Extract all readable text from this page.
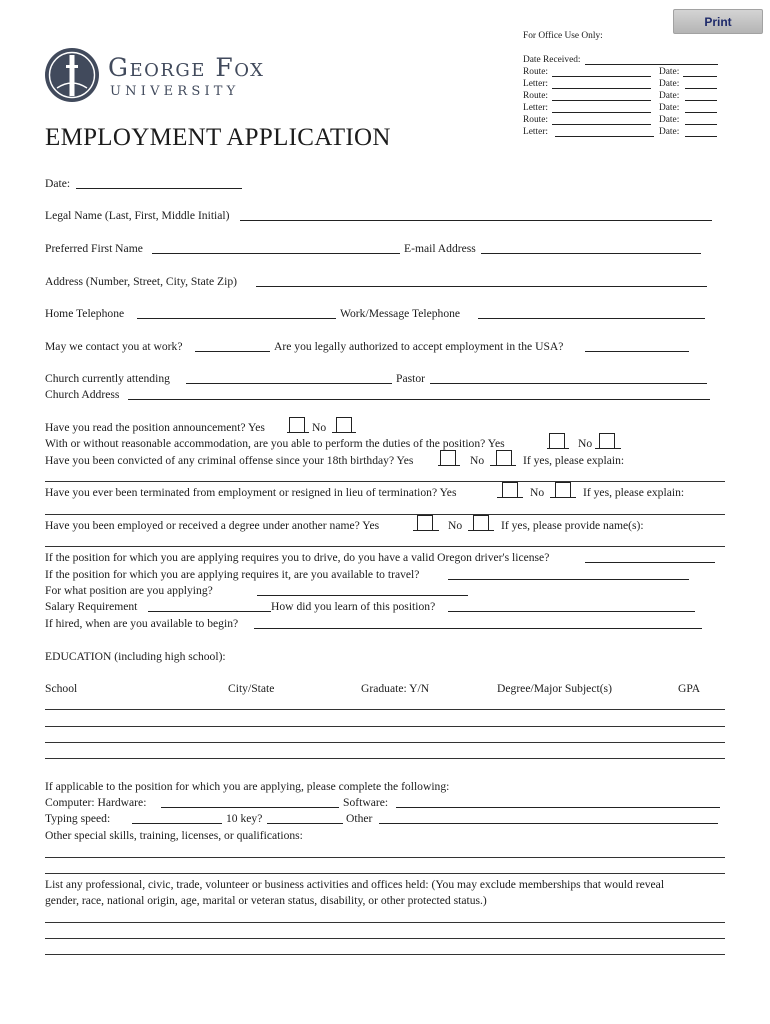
Print
For Office Use Only:
Date Received:
Route:	Date:
Letter:	Date:
Route:	Date:
Letter:	Date:
Route:	Date:
Letter:	Date:
George Fox
UNIVERSITY
EMPLOYMENT APPLICATION
Date:
Legal Name (Last, First, Middle Initial)
Preferred First Name	E-mail Address
Address (Number, Street, City, State Zip)
Home Telephone	Work/Message Telephone
May we contact you at work?	Are you legally authorized to accept employment in the USA?
Church currently attending	Pastor
Church Address
Have you read the position announcement? Yes	No
With or without reasonable accommodation, are you able to perform the duties of the position? Yes	No
Have you been convicted of any criminal offense since your 18th birthday? Yes	No	If yes, please explain:
Have you ever been terminated from employment or resigned in lieu of termination? Yes	No	If yes, please explain:
Have you been employed or received a degree under another name? Yes	No	If yes, please provide name(s):
If the position for which you are applying requires you to drive, do you have a valid Oregon driver's license?
If the position for which you are applying requires it, are you available to travel?
For what position are you applying?
Salary Requirement	How did you learn of this position?
If hired, when are you available to begin?
EDUCATION (including high school):
School	City/State	Graduate: Y/N	Degree/Major Subject(s)	GPA
If applicable to the position for which you are applying, please complete the following:
Computer: Hardware:	Software:
Typing speed:	10 key?	Other
Other special skills, training, licenses, or qualifications:
List any professional, civic, trade, volunteer or business activities and offices held: (You may exclude memberships that would reveal
gender, race, national origin, age, marital or veteran status, disability, or other protected status.)
